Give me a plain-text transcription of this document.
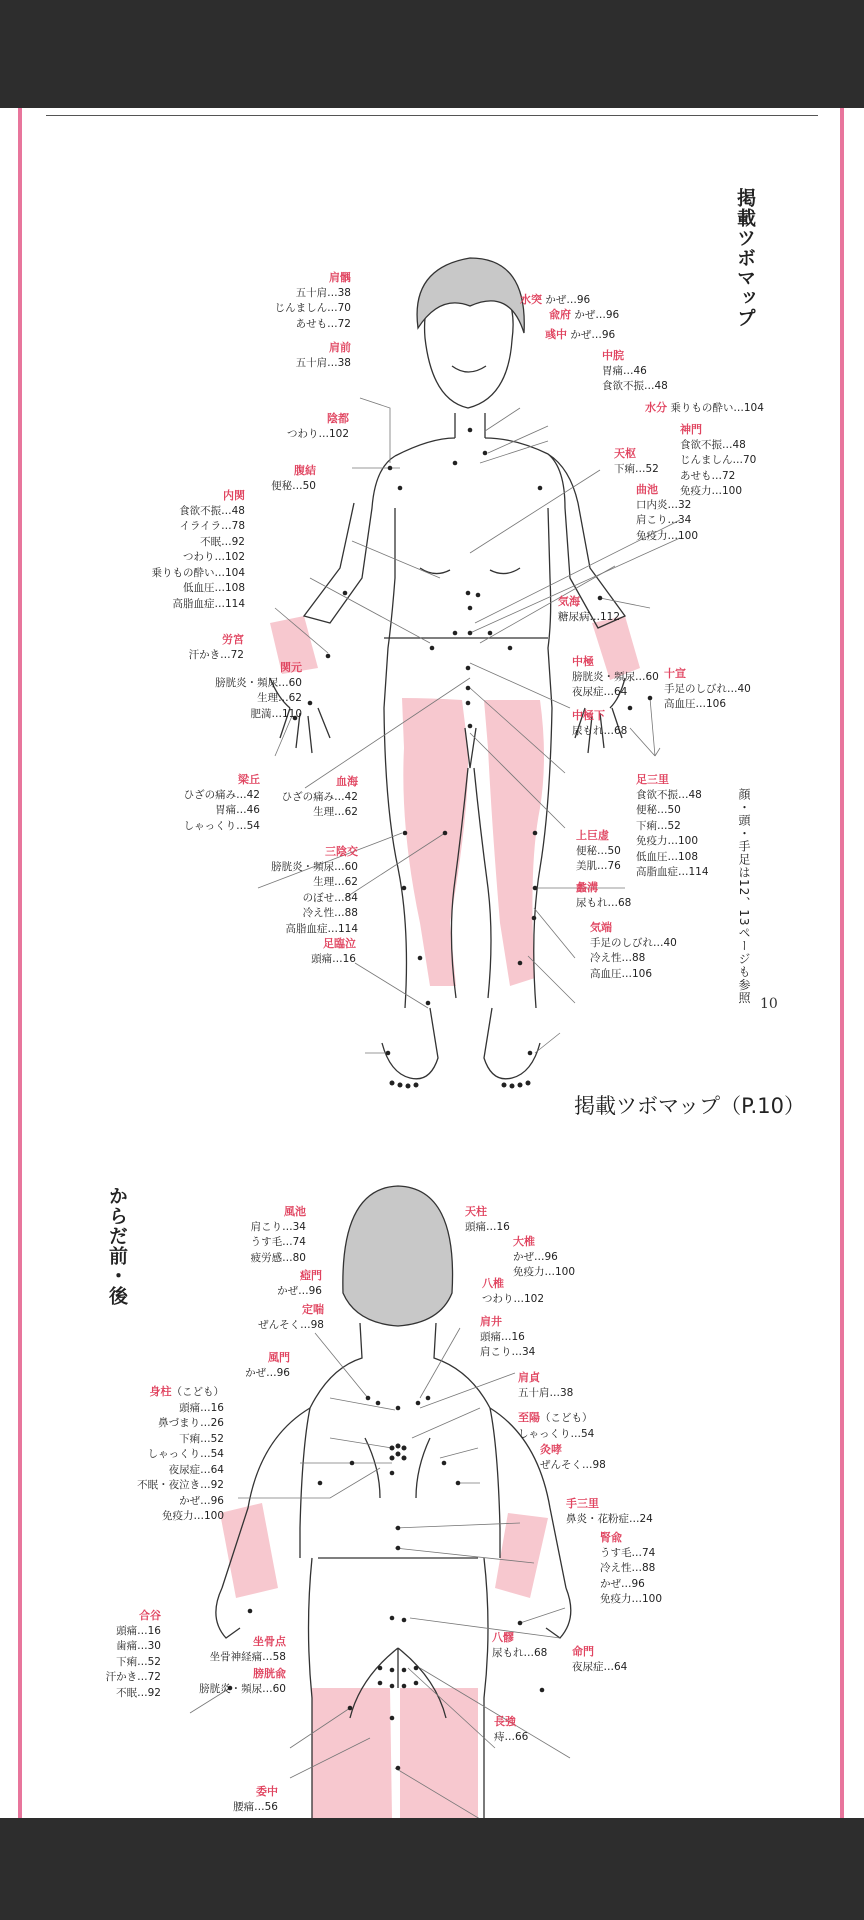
掲載ツボマップ
顔・頭・手足は12、13ページも参照 10
肩髃
五十肩…38
じんましん…70
あせも…72
肩前
五十肩…38
陰都
つわり…102
腹結
便秘…50
内関
食欲不振…48
イライラ…78
不眠…92
つわり…102
乗りもの酔い…104
低血圧…108
高脂血症…114
労宮
汗かき…72
関元
膀胱炎・頻尿…60
生理…62
肥満…110
梁丘
ひざの痛み…42
胃痛…46
しゃっくり…54
血海
ひざの痛み…42
生理…62
三陰交
膀胱炎・頻尿…60
生理…62
のぼせ…84
冷え性…88
高脂血症…114
足臨泣
頭痛…16
水突 かぜ…96
兪府 かぜ…96
彧中 かぜ…96
中脘
胃痛…46
食欲不振…48
水分 乗りもの酔い…104
神門
食欲不振…48
じんましん…70
あせも…72
免疫力…100
天枢
下痢…52
曲池
口内炎…32
肩こり…34
免疫力…100
気海
糖尿病…112
十宣
手足のしびれ…40
高血圧…106
中極
膀胱炎・頻尿…60
夜尿症…64
中極下
尿もれ…68
足三里
食欲不振…48
便秘…50
下痢…52
免疫力…100
低血圧…108
高脂血症…114
上巨虚
便秘…50
美肌…76
蠡溝
尿もれ…68
気端
手足のしびれ…40
冷え性…88
高血圧…106
掲載ツボマップ（P.10）
からだ前・後	風池
肩こり…34
うす毛…74
疲労感…80
瘂門
かぜ…96
定喘
ぜんそく…98
風門
かぜ…96
身柱（こども）
頭痛…16
鼻づまり…26
下痢…52
しゃっくり…54
夜尿症…64
不眠・夜泣き…92
かぜ…96
免疫力…100
合谷
頭痛…16
歯痛…30
下痢…52
汗かき…72
不眠…92
坐骨点
坐骨神経痛…58
膀胱兪
膀胱炎・頻尿…60
委中
腰痛…56
天柱
頭痛…16
大椎
かぜ…96
免疫力…100
八椎
つわり…102
肩井
頭痛…16
肩こり…34
肩貞
五十肩…38
至陽（こども）
しゃっくり…54
灸哮
ぜんそく…98
手三里
鼻炎・花粉症…24
腎兪
うす毛…74
冷え性…88
かぜ…96
免疫力…100
八髎
尿もれ…68 命門
夜尿症…64
長強
痔…66
